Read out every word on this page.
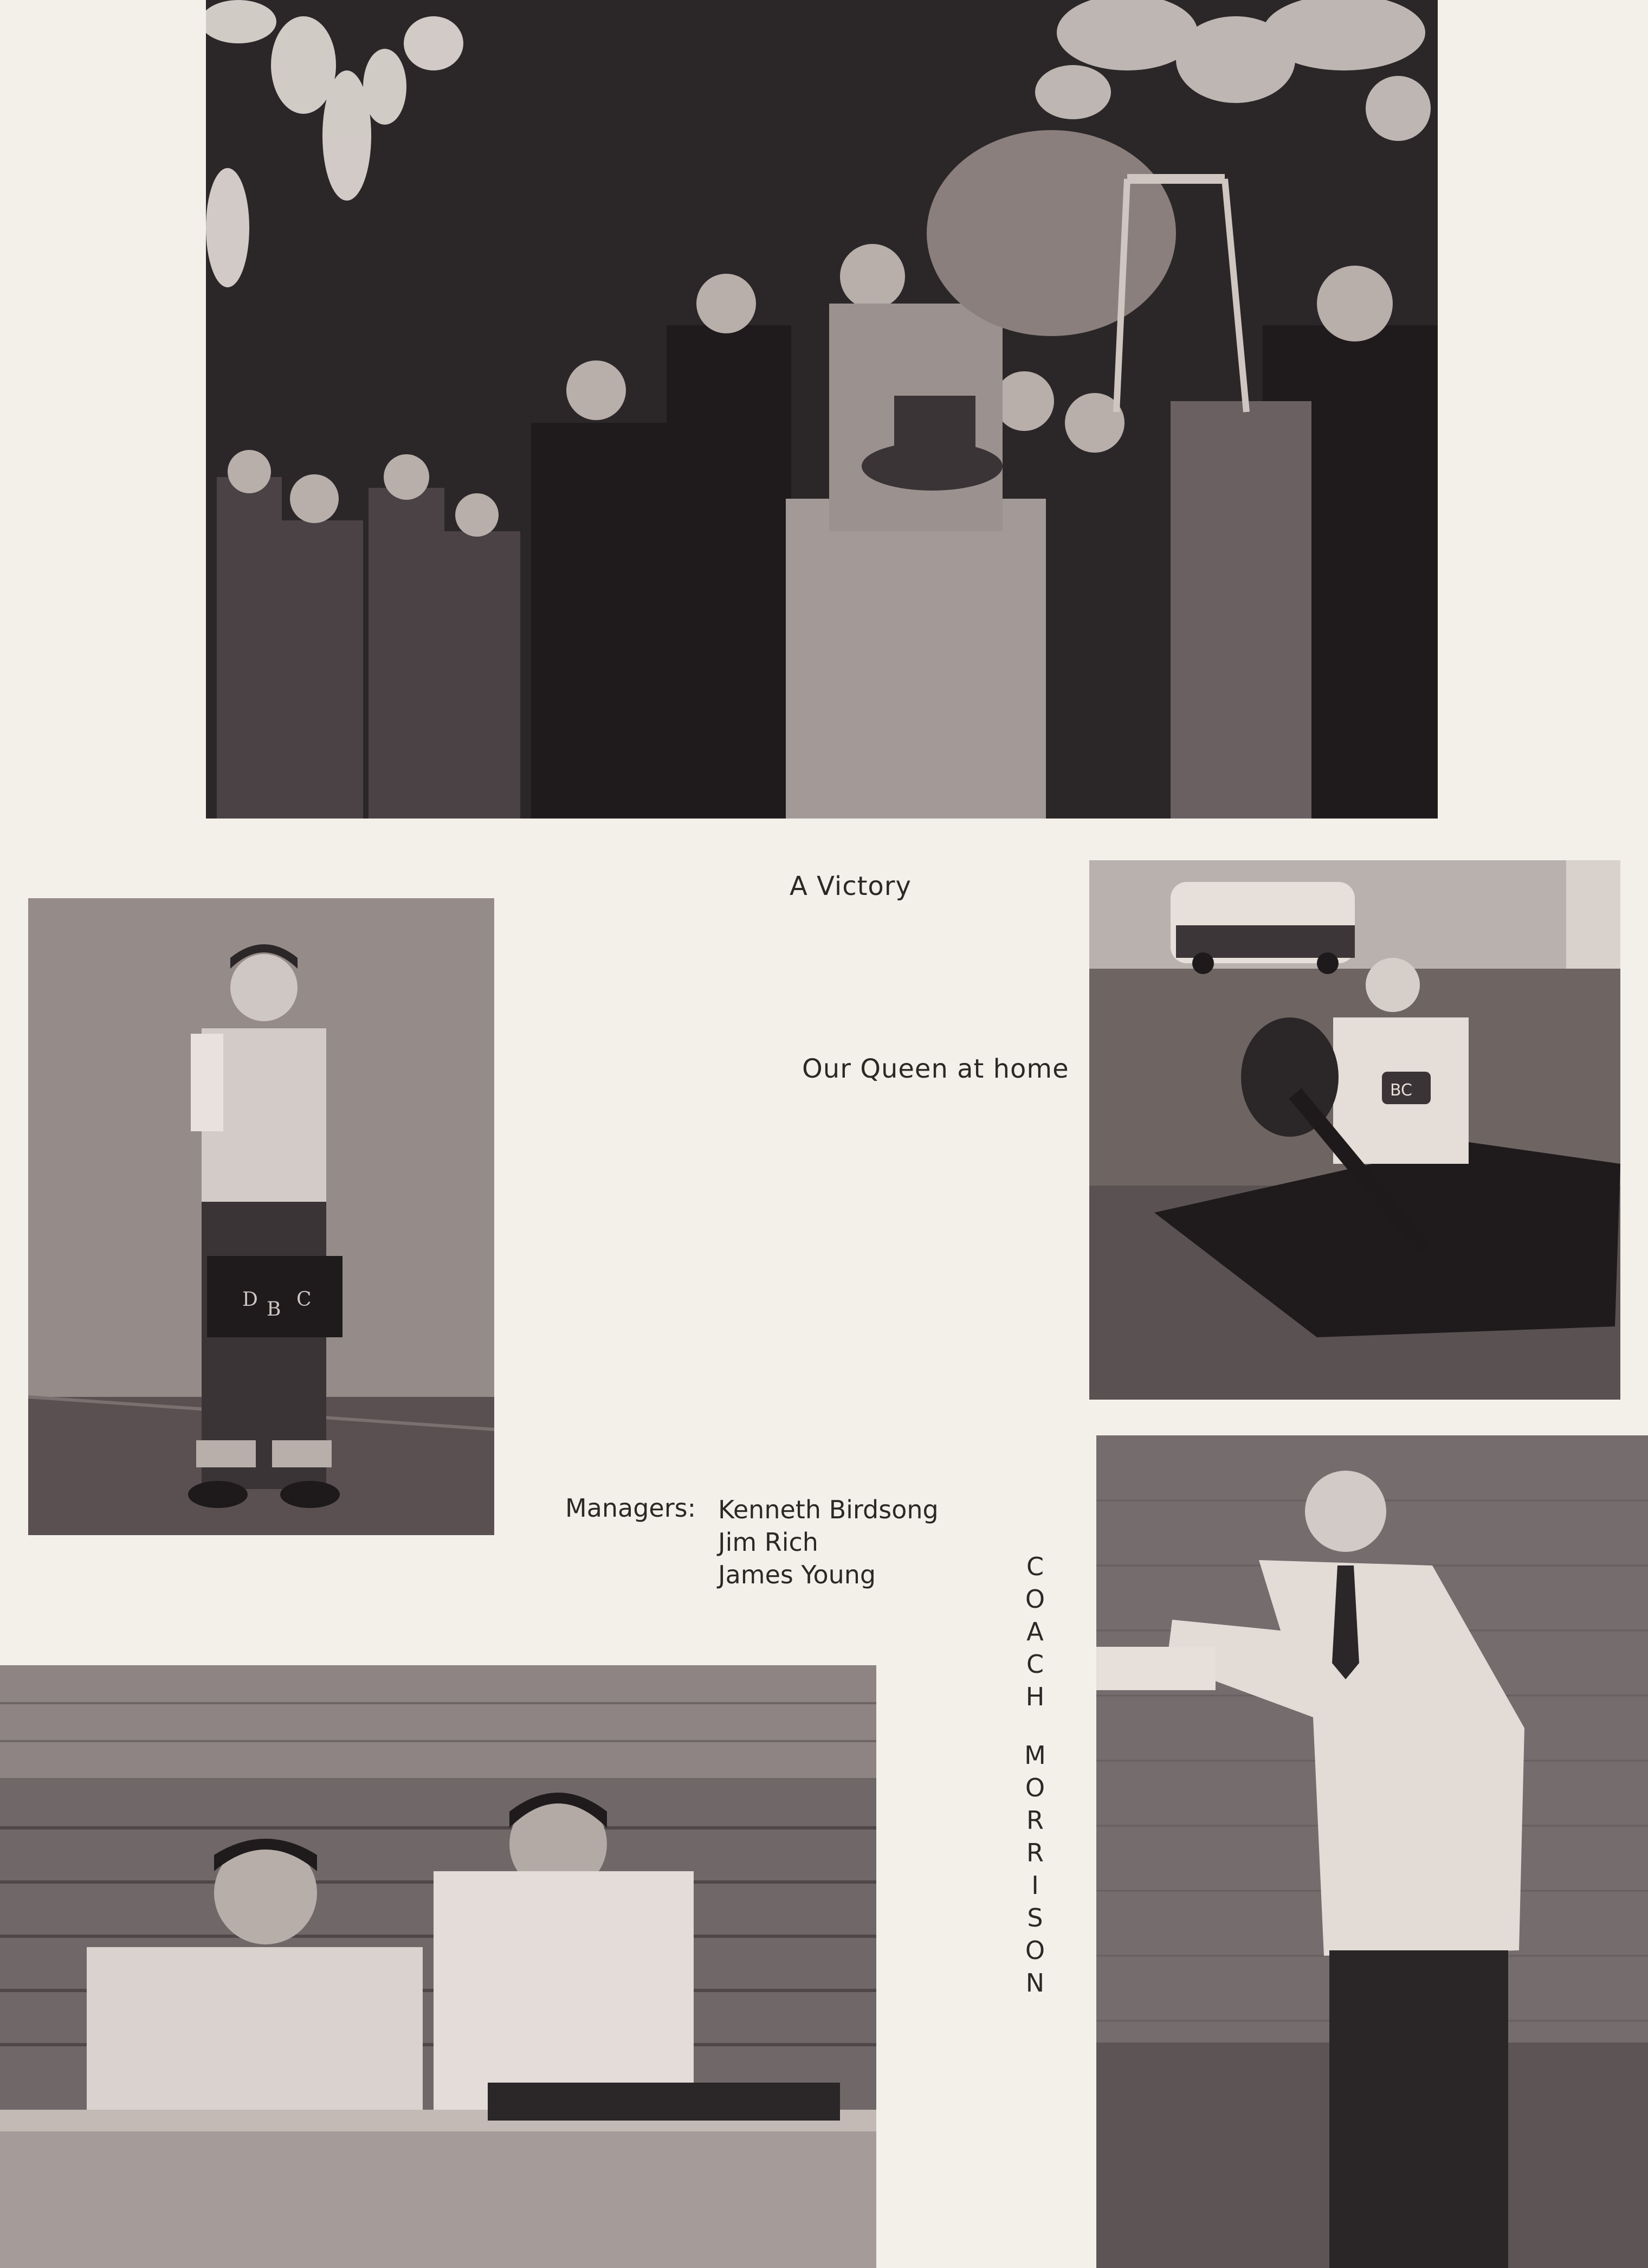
A Victory
Our Queen at home
D B C
BC
Managers: Kenneth Birdsong
Jim Rich
James Young	C
O
A
C
H
M
O
R
R
I
S
O
N
